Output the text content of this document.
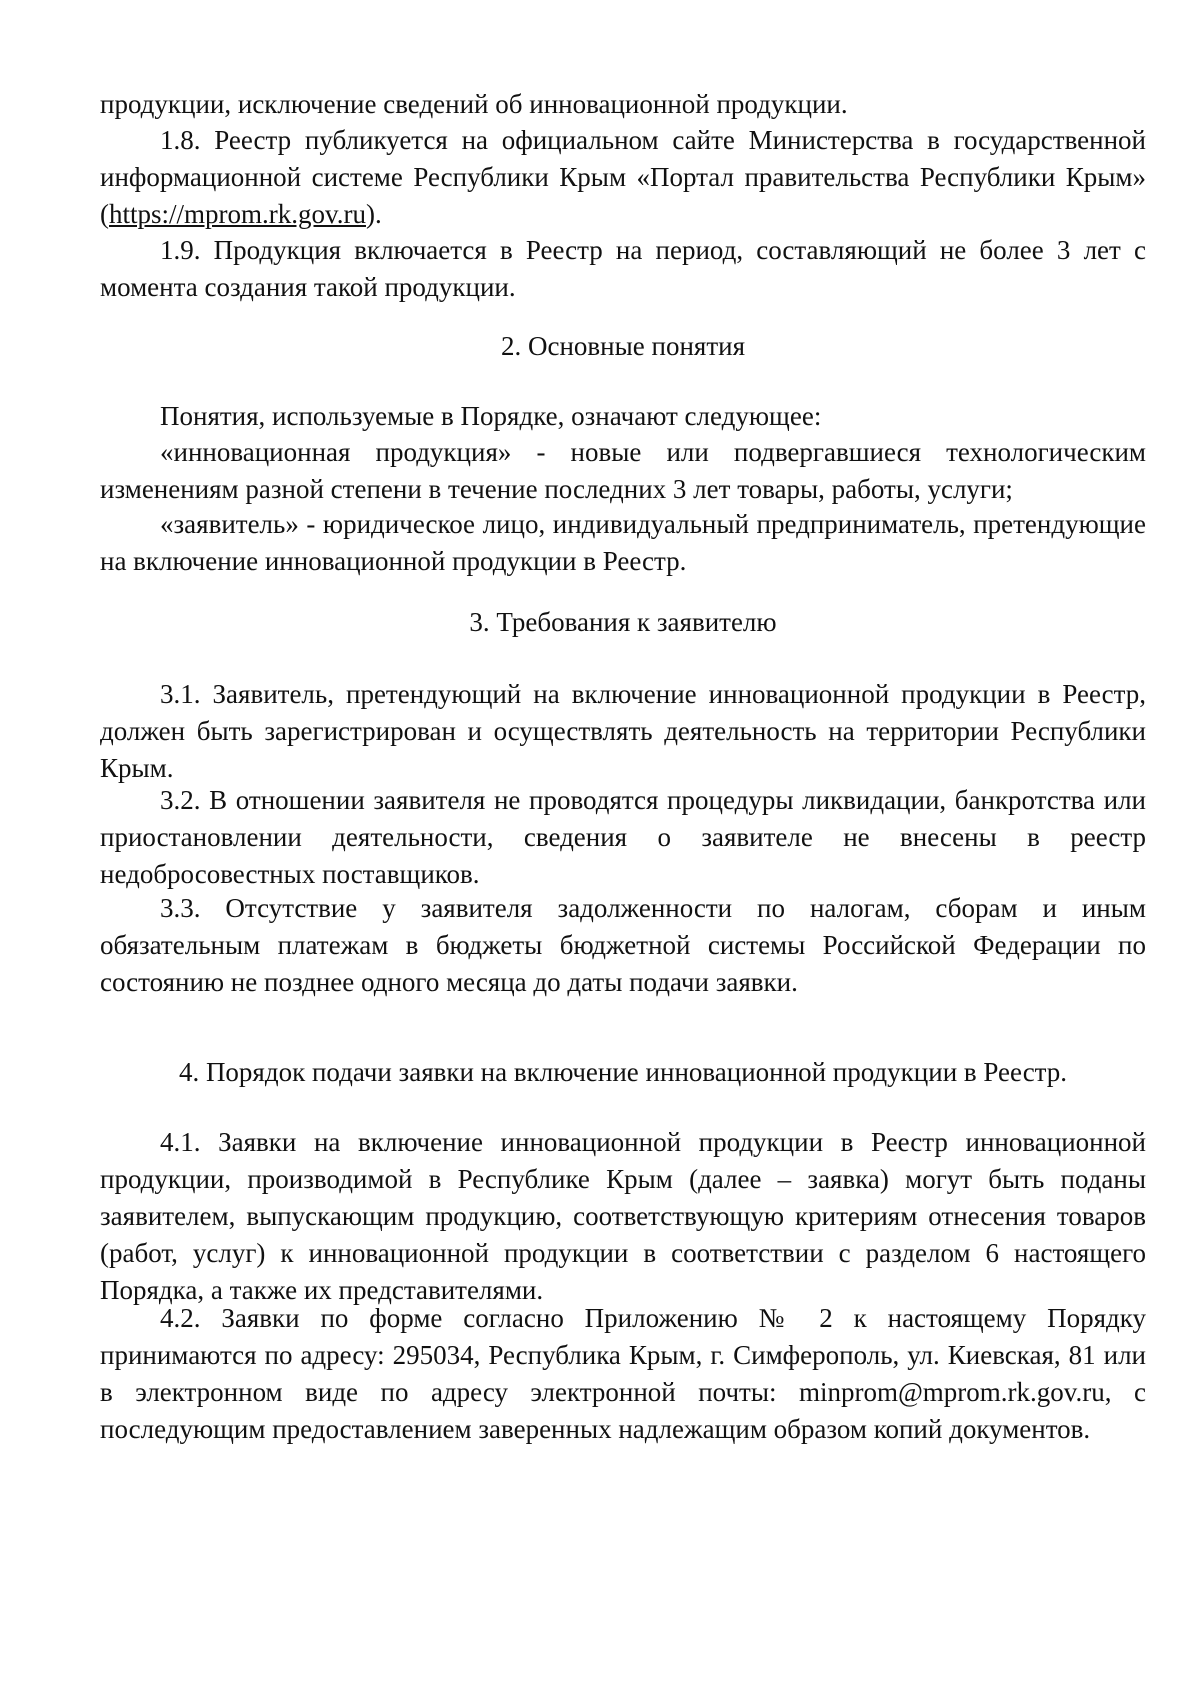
продукции, исключение сведений об инновационной продукции.

1.8. Реестр публикуется на официальном сайте Министерства в государственной информационной системе Республики Крым «Портал правительства Республики Крым» (https://mprom.rk.gov.ru).

1.9. Продукция включается в Реестр на период, составляющий не более 3 лет с момента создания такой продукции.

2. Основные понятия

Понятия, используемые в Порядке, означают следующее:

«инновационная продукция» - новые или подвергавшиеся технологическим изменениям разной степени в течение последних 3 лет товары, работы, услуги;

«заявитель» - юридическое лицо, индивидуальный предприниматель, претендующие на включение инновационной продукции в Реестр.

3. Требования к заявителю

3.1. Заявитель, претендующий на включение инновационной продукции в Реестр, должен быть зарегистрирован и осуществлять деятельность на территории Республики Крым.

3.2. В отношении заявителя не проводятся процедуры ликвидации, банкротства или приостановлении деятельности, сведения о заявителе не внесены в реестр недобросовестных поставщиков.

3.3. Отсутствие у заявителя задолженности по налогам, сборам и иным обязательным платежам в бюджеты бюджетной системы Российской Федерации по состоянию не позднее одного месяца до даты подачи заявки.

4. Порядок подачи заявки на включение инновационной продукции в Реестр.

4.1. Заявки на включение инновационной продукции в Реестр инновационной продукции, производимой в Республике Крым (далее – заявка) могут быть поданы заявителем, выпускающим продукцию, соответствующую критериям отнесения товаров (работ, услуг) к инновационной продукции в соответствии с разделом 6 настоящего Порядка, а также их представителями.

4.2. Заявки по форме согласно Приложению № 2 к настоящему Порядку принимаются по адресу: 295034, Республика Крым, г. Симферополь, ул. Киевская, 81 или в электронном виде по адресу электронной почты: minprom@mprom.rk.gov.ru, с последующим предоставлением заверенных надлежащим образом копий документов.
